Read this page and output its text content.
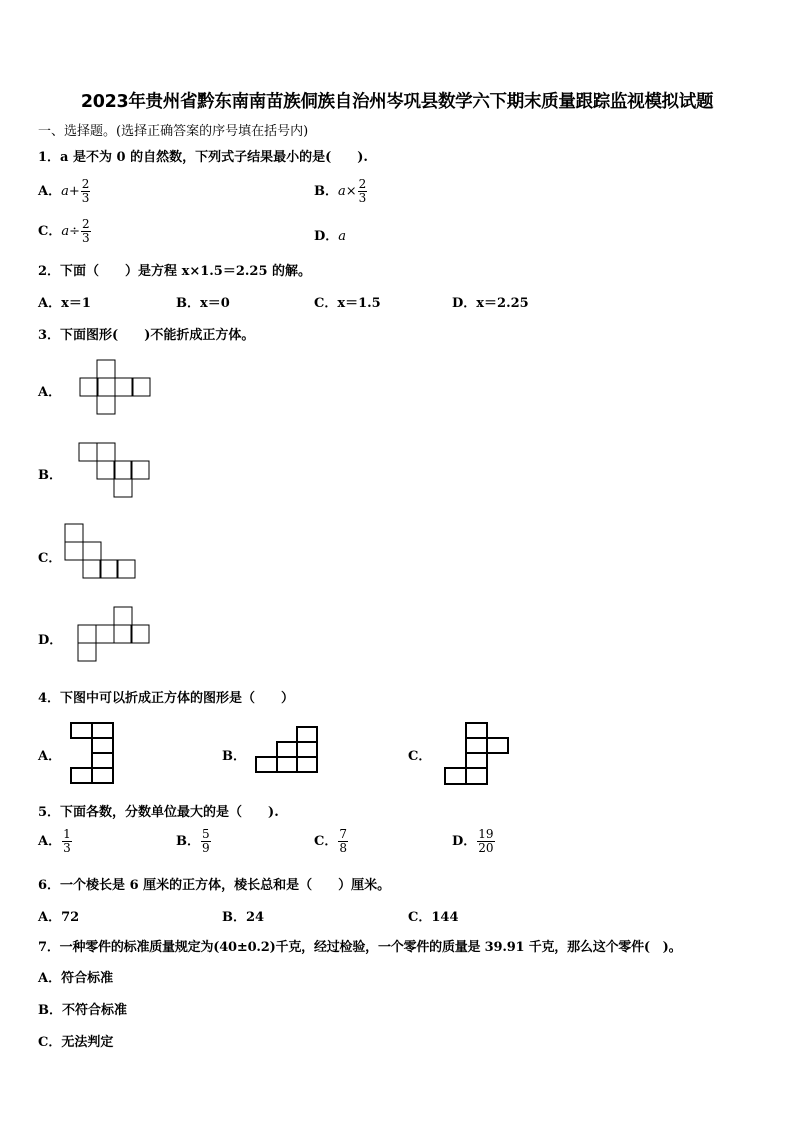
2023年贵州省黔东南南苗族侗族自治州岑巩县数学六下期末质量跟踪监视模拟试题
一、选择题。(选择正确答案的序号填在括号内)
1．a 是不为 0 的自然数，下列式子结果最小的是(　　).
A．$a+ \frac{2}{3}$	B．$a\times \frac{2}{3}$
C．$a\div \frac{2}{3}$	D．a
2．下面（　　）是方程 x×1.5＝2.25 的解。
A．x＝1	B．x＝0	C．x＝1.5	D．x＝2.25
3．下面图形(　　)不能折成正方体。
A．
B．
C．
D．
4．下图中可以折成正方体的图形是（　　）
A．	B．	C．
5．下面各数，分数单位最大的是（　　).
A． $\frac{1}{3}$	B． $\frac{5}{9}$	C． $\frac{7}{8}$	D． $\frac{19}{20}$
6．一个棱长是 6 厘米的正方体，棱长总和是（　　）厘米。
A．72	B．24	C．144
7．一种零件的标准质量规定为(40±0.2)千克，经过检验，一个零件的质量是 39.91 千克，那么这个零件(　)。
A．符合标准
B．不符合标准
C．无法判定
